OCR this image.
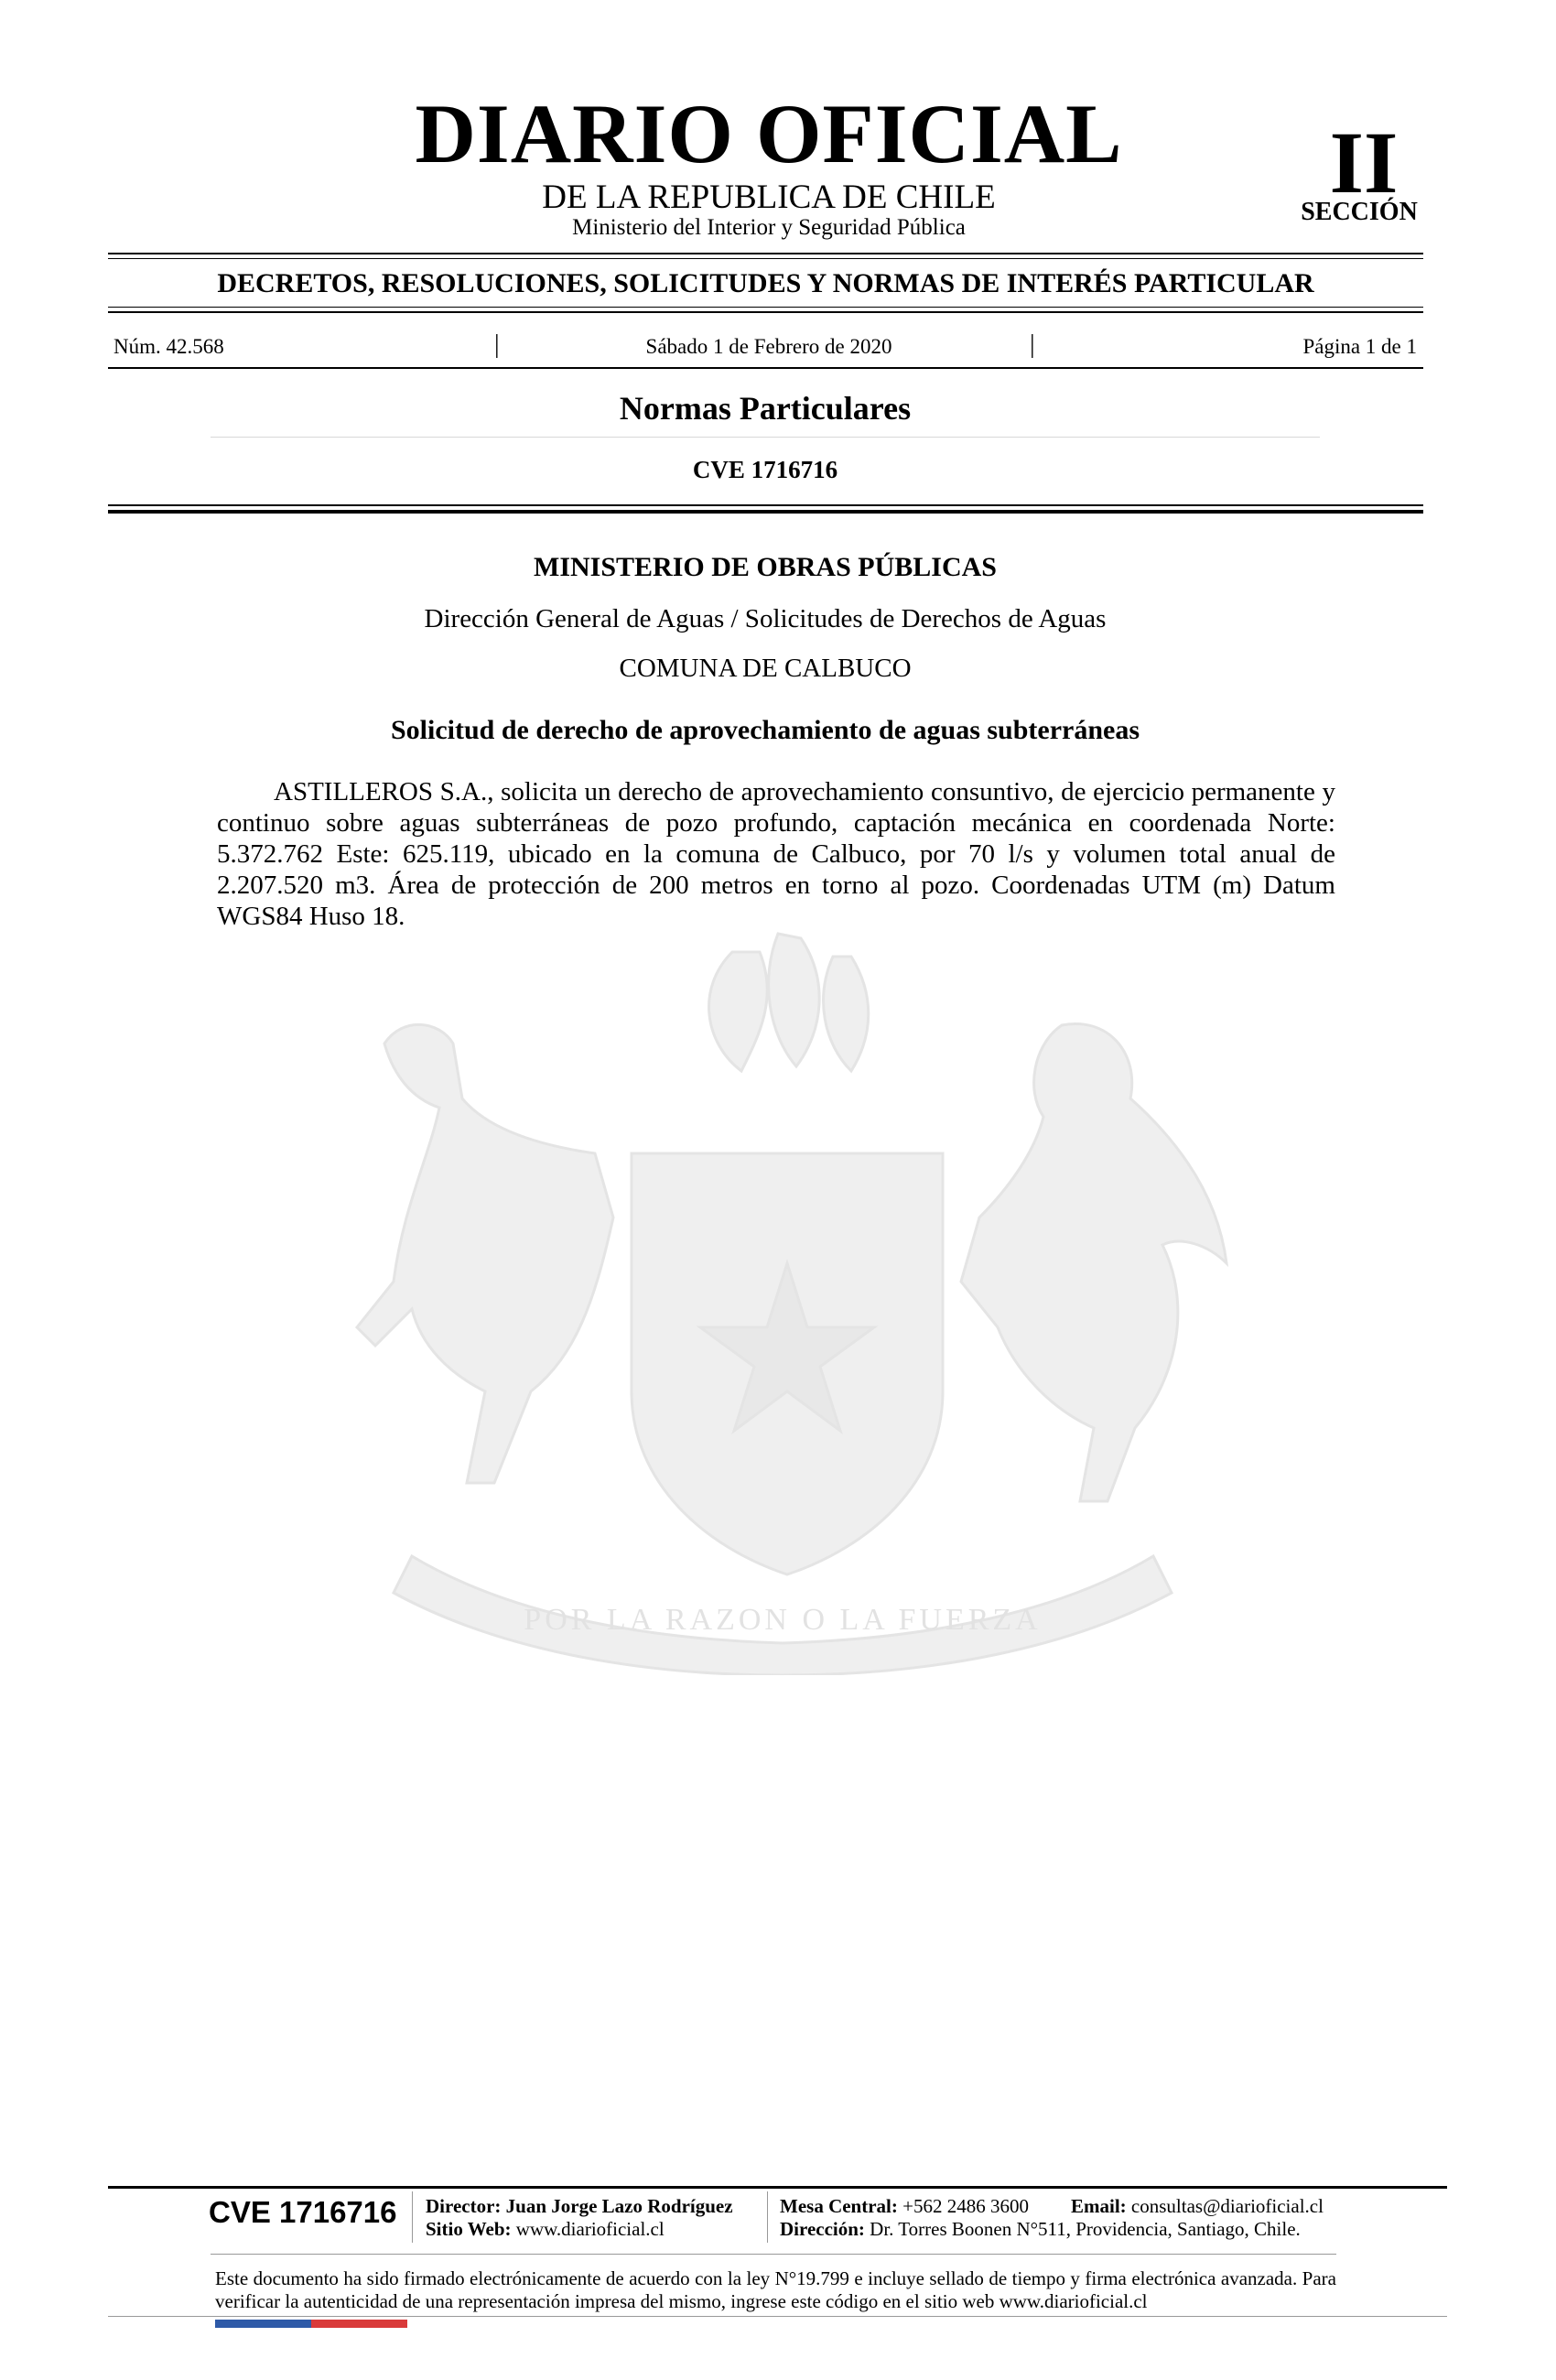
DIARIO OFICIAL
DE LA REPUBLICA DE CHILE
Ministerio del Interior y Seguridad Pública
II
SECCIÓN
DECRETOS, RESOLUCIONES, SOLICITUDES Y NORMAS DE INTERÉS PARTICULAR
Núm. 42.568	|	Sábado 1 de Febrero de 2020	|	Página 1 de 1
Normas Particulares
CVE 1716716
POR LA RAZON O LA FUERZA
MINISTERIO DE OBRAS PÚBLICAS
Dirección General de Aguas / Solicitudes de Derechos de Aguas
COMUNA DE CALBUCO
Solicitud de derecho de aprovechamiento de aguas subterráneas
ASTILLEROS S.A., solicita un derecho de aprovechamiento consuntivo, de ejercicio permanente y continuo sobre aguas subterráneas de pozo profundo, captación mecánica en coordenada Norte: 5.372.762 Este: 625.119, ubicado en la comuna de Calbuco, por 70 l/s y volumen total anual de 2.207.520 m3. Área de protección de 200 metros en torno al pozo. Coordenadas UTM (m) Datum WGS84 Huso 18.
CVE 1716716 Director: Juan Jorge Lazo Rodríguez
Sitio Web: www.diarioficial.cl
Mesa Central: +562 2486 3600 Email: consultas@diarioficial.cl
Dirección: Dr. Torres Boonen N°511, Providencia, Santiago, Chile.
Este documento ha sido firmado electrónicamente de acuerdo con la ley N°19.799 e incluye sellado de tiempo y firma electrónica avanzada. Para verificar la autenticidad de una representación impresa del mismo, ingrese este código en el sitio web www.diarioficial.cl
